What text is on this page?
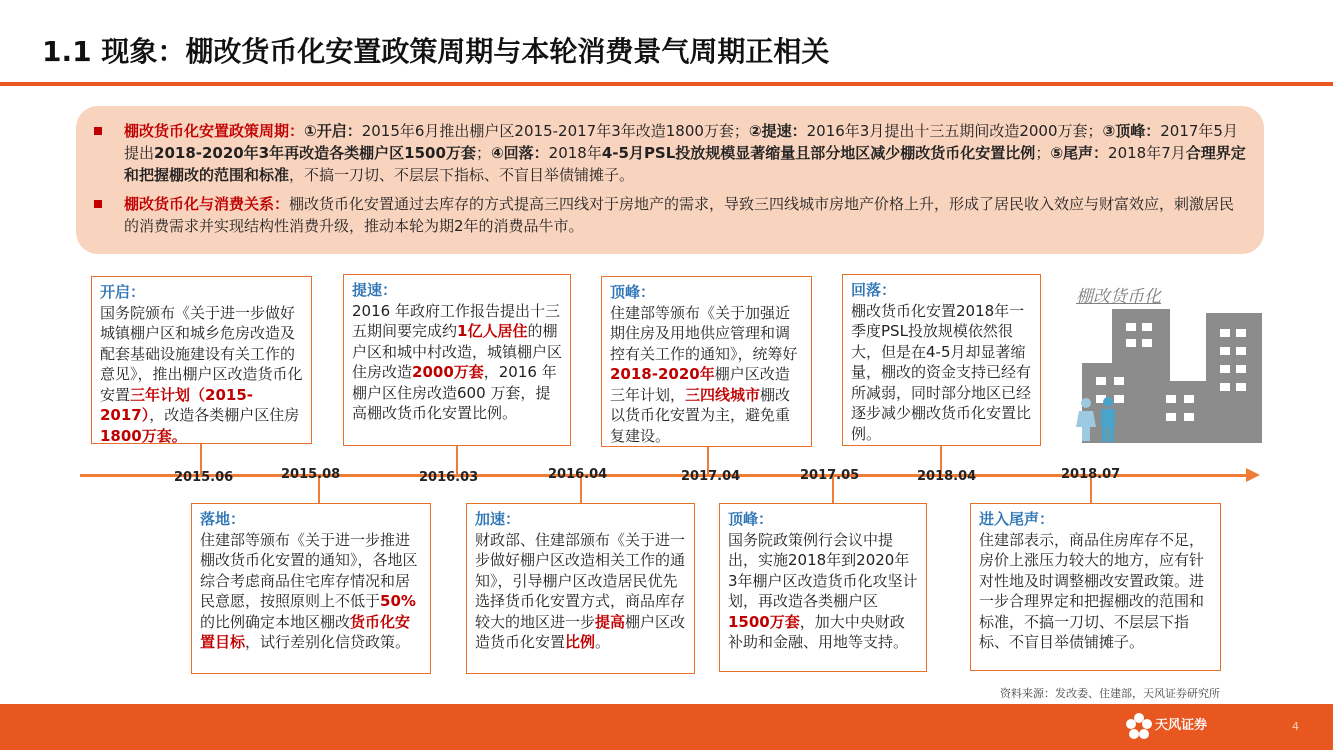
1.1 现象：棚改货币化安置政策周期与本轮消费景气周期正相关
棚改货币化安置政策周期：①开启：2015年6月推出棚户区2015-2017年3年改造1800万套；②提速：2016年3月提出十三五期间改造2000万套；③顶峰：2017年5月提出2018-2020年3年再改造各类棚户区1500万套；④回落：2018年4-5月PSL投放规模显著缩量且部分地区减少棚改货币化安置比例；⑤尾声：2018年7月合理界定和把握棚改的范围和标准，不搞一刀切、不层层下指标、不盲目举债铺摊子。
棚改货币化与消费关系：棚改货币化安置通过去库存的方式提高三四线对于房地产的需求，导致三四线城市房地产价格上升，形成了居民收入效应与财富效应，刺激居民的消费需求并实现结构性消费升级，推动本轮为期2年的消费品牛市。
开启：
国务院颁布《关于进一步做好城镇棚户区和城乡危房改造及配套基础设施建设有关工作的意见》，推出棚户区改造货币化安置三年计划（2015-2017），改造各类棚户区住房1800万套。
提速：
2016 年政府工作报告提出十三五期间要完成约1亿人居住的棚户区和城中村改造，城镇棚户区住房改造2000万套，2016 年棚户区住房改造600 万套，提高棚改货币化安置比例。
顶峰：
住建部等颁布《关于加强近期住房及用地供应管理和调控有关工作的通知》，统筹好2018-2020年棚户区改造三年计划，三四线城市棚改以货币化安置为主，避免重复建设。
回落：
棚改货币化安置2018年一季度PSL投放规模依然很大，但是在4-5月却显著缩量，棚改的资金支持已经有所减弱，同时部分地区已经逐步减少棚改货币化安置比例。
落地：
住建部等颁布《关于进一步推进棚改货币化安置的通知》，各地区综合考虑商品住宅库存情况和居民意愿，按照原则上不低于50%的比例确定本地区棚改货币化安置目标，试行差别化信贷政策。
加速：
财政部、住建部颁布《关于进一步做好棚户区改造相关工作的通知》，引导棚户区改造居民优先选择货币化安置方式，商品库存较大的地区进一步提高棚户区改造货币化安置比例。
顶峰：
国务院政策例行会议中提出，实施2018年到2020年3年棚户区改造货币化攻坚计划，再改造各类棚户区1500万套，加大中央财政补助和金融、用地等支持。
进入尾声：
住建部表示，商品住房库存不足，房价上涨压力较大的地方，应有针对性地及时调整棚改安置政策。进一步合理界定和把握棚改的范围和标准，不搞一刀切、不层层下指标、不盲目举债铺摊子。
2015.06	2015.08	2016.03	2016.04	2017.04	2017.05	2018.04	2018.07
棚改货币化
资料来源：发改委、住建部，天风证券研究所
天风证券	4
